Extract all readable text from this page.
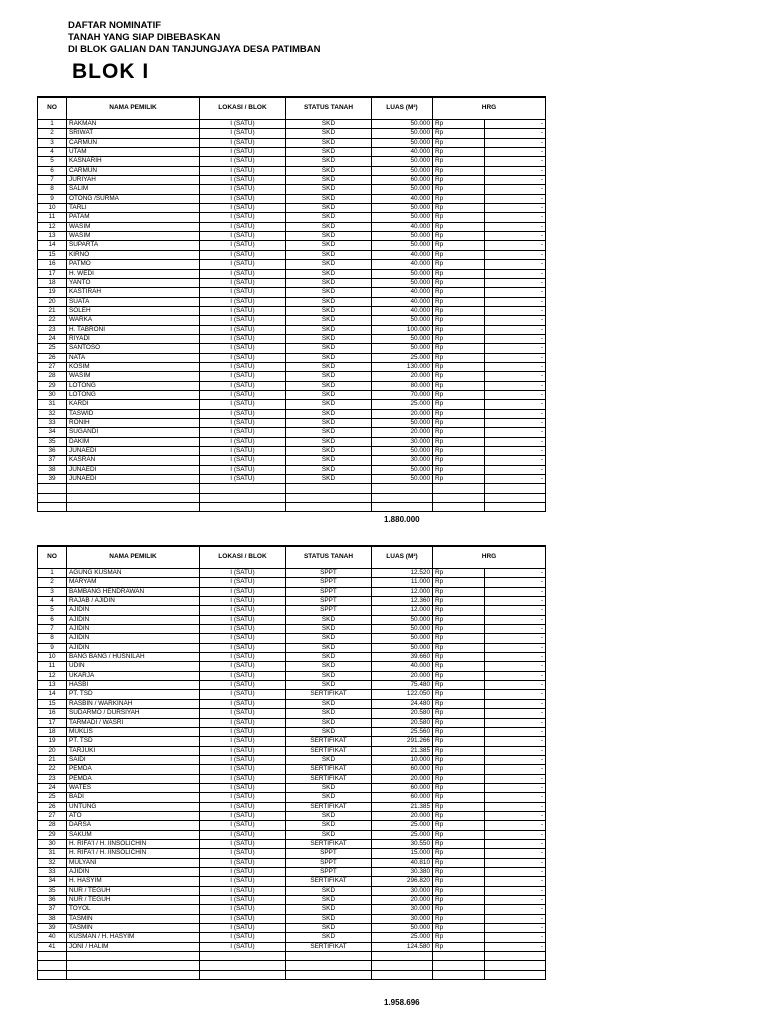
DAFTAR NOMINATIF
TANAH YANG SIAP DIBEBASKAN
DI BLOK GALIAN DAN TANJUNGJAYA DESA PATIMBAN
BLOK I
NO	NAMA PEMILIK	LOKASI / BLOK	STATUS TANAH	LUAS (M²)	HRG	
1	RAKMAN	I (SATU)	SKD	50.000	Rp	-
2	SRIWAT	I (SATU)	SKD	50.000	Rp	-
3	CARMUN	I (SATU)	SKD	50.000	Rp	-
4	UTAM	I (SATU)	SKD	40.000	Rp	-
5	KASNARIH	I (SATU)	SKD	50.000	Rp	-
6	CARMUN	I (SATU)	SKD	50.000	Rp	-
7	JURIYAH	I (SATU)	SKD	60.000	Rp	-
8	SALIM	I (SATU)	SKD	50.000	Rp	-
9	OTONG /SURMA	I (SATU)	SKD	40.000	Rp	-
10	TARLI	I (SATU)	SKD	50.000	Rp	-
11	PATAM	I (SATU)	SKD	50.000	Rp	-
12	WASIM	I (SATU)	SKD	40.000	Rp	-
13	WASIM	I (SATU)	SKD	50.000	Rp	-
14	SUPARTA	I (SATU)	SKD	50.000	Rp	-
15	KIRNO	I (SATU)	SKD	40.000	Rp	-
16	PATMO	I (SATU)	SKD	40.000	Rp	-
17	H. WEDI	I (SATU)	SKD	50.000	Rp	-
18	YANTO	I (SATU)	SKD	50.000	Rp	-
19	KASTIRAH	I (SATU)	SKD	40.000	Rp	-
20	SUATA	I (SATU)	SKD	40.000	Rp	-
21	SOLEH	I (SATU)	SKD	40.000	Rp	-
22	WARKA	I (SATU)	SKD	50.000	Rp	-
23	H. TABRONI	I (SATU)	SKD	100.000	Rp	-
24	RIYADI	I (SATU)	SKD	50.000	Rp	-
25	SANTOSO	I (SATU)	SKD	50.000	Rp	-
26	NATA	I (SATU)	SKD	25.000	Rp	-
27	KOSIM	I (SATU)	SKD	130.000	Rp	-
28	WASIM	I (SATU)	SKD	20.000	Rp	-
29	LOTONG	I (SATU)	SKD	80.000	Rp	-
30	LOTONG	I (SATU)	SKD	70.000	Rp	-
31	KARDI	I (SATU)	SKD	25.000	Rp	-
32	TASWID	I (SATU)	SKD	20.000	Rp	-
33	RONIH	I (SATU)	SKD	50.000	Rp	-
34	SUGANDI	I (SATU)	SKD	20.000	Rp	-
35	DAKIM	I (SATU)	SKD	30.000	Rp	-
36	JUNAEDI	I (SATU)	SKD	50.000	Rp	-
37	KASRAN	I (SATU)	SKD	30.000	Rp	-
38	JUNAEDI	I (SATU)	SKD	50.000	Rp	-
39	JUNAEDI	I (SATU)	SKD	50.000	Rp	-

1.880.000
NO	NAMA PEMILIK	LOKASI / BLOK	STATUS TANAH	LUAS (M²)	HRG	
1	AGUNG KUSMAN	I (SATU)	SPPT	12.520	Rp	-
2	MARYAM	I (SATU)	SPPT	11.000	Rp	-
3	BAMBANG HENDRAWAN	I (SATU)	SPPT	12.000	Rp	-
4	RAJAB / AJIDIN	I (SATU)	SPPT	12.360	Rp	-
5	AJIDIN	I (SATU)	SPPT	12.000	Rp	-
6	AJIDIN	I (SATU)	SKD	50.000	Rp	-
7	AJIDIN	I (SATU)	SKD	50.000	Rp	-
8	AJIDIN	I (SATU)	SKD	50.000	Rp	-
9	AJIDIN	I (SATU)	SKD	50.000	Rp	-
10	BANG BANG / HUSNILAH	I (SATU)	SKD	39.660	Rp	-
11	UDIN	I (SATU)	SKD	40.000	Rp	-
12	UKARJA	I (SATU)	SKD	20.000	Rp	-
13	HASBI	I (SATU)	SKD	75.480	Rp	-
14	PT. TSD	I (SATU)	SERTIFIKAT	122.050	Rp	-
15	RASBIN / WARKINAH	I (SATU)	SKD	24.480	Rp	-
16	SUDARMO / DURSIYAH	I (SATU)	SKD	20.580	Rp	-
17	TARMADI / WASRI	I (SATU)	SKD	20.580	Rp	-
18	MUKLIS	I (SATU)	SKD	25.560	Rp	-
19	PT. TSD	I (SATU)	SERTIFIKAT	291.266	Rp	-
20	TARJUKI	I (SATU)	SERTIFIKAT	21.385	Rp	-
21	SAIDI	I (SATU)	SKD	10.000	Rp	-
22	PEMDA	I (SATU)	SERTIFIKAT	60.000	Rp	-
23	PEMDA	I (SATU)	SERTIFIKAT	20.000	Rp	-
24	WATES	I (SATU)	SKD	60.000	Rp	-
25	BADI	I (SATU)	SKD	60.000	Rp	-
26	UNTUNG	I (SATU)	SERTIFIKAT	21.385	Rp	-
27	ATO	I (SATU)	SKD	20.000	Rp	-
28	DARSA	I (SATU)	SKD	25.000	Rp	-
29	SAKUM	I (SATU)	SKD	25.000	Rp	-
30	H. RIFA'I / H. IINSOLICHIN	I (SATU)	SERTIFIKAT	30.550	Rp	-
31	H. RIFA'I / H. IINSOLICHIN	I (SATU)	SPPT	15.000	Rp	-
32	MULYANI	I (SATU)	SPPT	40.810	Rp	-
33	AJIDIN	I (SATU)	SPPT	30.380	Rp	-
34	H. HASYIM	I (SATU)	SERTIFIKAT	296.820	Rp	-
35	NUR / TEGUH	I (SATU)	SKD	30.000	Rp	-
36	NUR / TEGUH	I (SATU)	SKD	20.000	Rp	-
37	TOYOL	I (SATU)	SKD	30.000	Rp	-
38	TASMIN	I (SATU)	SKD	30.000	Rp	-
39	TASMIN	I (SATU)	SKD	50.000	Rp	-
40	KUSMAN / H. HASYIM	I (SATU)	SKD	25.000	Rp	-
41	JONI / HALIM	I (SATU)	SERTIFIKAT	124.580	Rp	-

1.958.696
